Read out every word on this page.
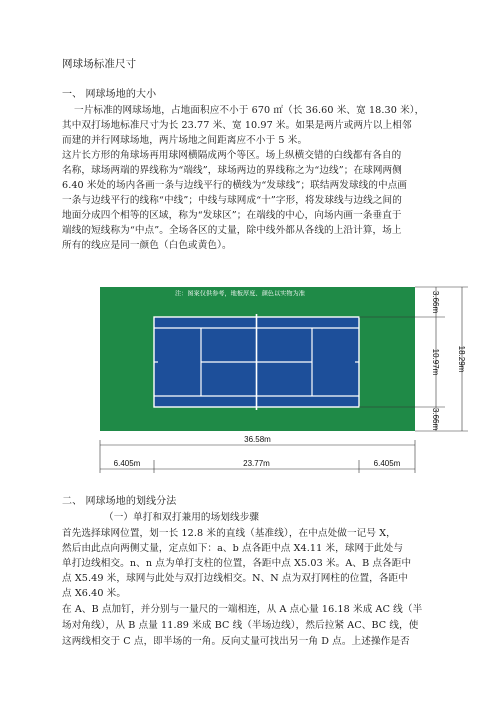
网球场标准尺寸
一、 网球场地的大小
一片标准的网球场地，占地面积应不小于 670 ㎡（长 36.60 米、宽 18.30 米），
其中双打场地标准尺寸为长 23.77 米、宽 10.97 米。如果是两片或两片以上相邻
而建的并行网球场地，两片场地之间距离应不小于 5 米。
这片长方形的角球场再用球网横隔成两个等区。场上纵横交错的白线都有各自的
名称，球场两端的界线称为“端线”，球场两边的界线称之为“边线”；在球网两侧
6.40 米处的场内各画一条与边线平行的横线为“发球线”；联结两发球线的中点画
一条与边线平行的线称“中线”；中线与球网成“十”字形，将发球线与边线之间的
地面分成四个相等的区域，称为“发球区”；在端线的中心，向场内画一条垂直于
端线的短线称为“中点”。全场各区的丈量，除中线外都从各线的上沿计算，场上
所有的线应是同一颜色（白色或黄色）。
注：图案仅供参考，地板厚度、颜色以实物为准
36.58m
6.405m	23.77m	6.405m
3.66m
10.97m
3.66m
18.29m
二、 网球场地的划线分法
（一）单打和双打兼用的场划线步骤
首先选择球网位置，划一长 12.8 米的直线（基准线），在中点处做一记号 X，
然后由此点向两侧丈量，定点如下：a、b 点各距中点 X4.11 米，球网于此处与
单打边线相交。n、n 点为单打支柱的位置，各距中点 X5.03 米。A、B 点各距中
点 X5.49 米，球网与此处与双打边线相交。N、N 点为双打网柱的位置，各距中
点 X6.40 米。
在 A、B 点加钉，并分别与一量尺的一端相连，从 A 点心量 16.18 米成 AC 线（半
场对角线），从 B 点量 11.89 米成 BC 线（半场边线），然后拉紧 AC、BC 线，使
这两线相交于 C 点，即半场的一角。反向丈量可找出另一角 D 点。上述操作是否
